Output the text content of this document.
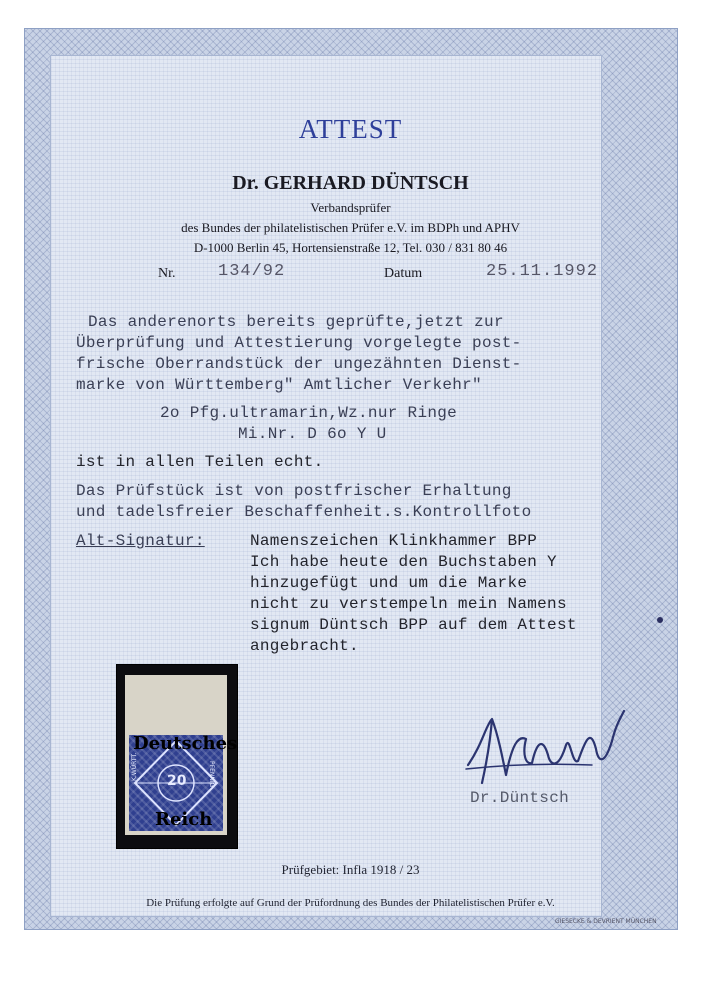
ATTEST
Dr. GERHARD DÜNTSCH
Verbandsprüfer
des Bundes der philatelistischen Prüfer e.V. im BDPh und APHV
D-1000 Berlin 45, Hortensienstraße 12, Tel. 030 / 831 80 46
Nr.	134/92	Datum	25.11.1992
Das anderenorts bereits geprüfte,jetzt zur
Überprüfung und Attestierung vorgelegte post-
frische Oberrandstück der ungezähnten Dienst-
marke von Württemberg" Amtlicher Verkehr"
2o Pfg.ultramarin,Wz.nur Ringe
Mi.Nr. D 6o Y U
ist in allen Teilen echt.
Das Prüfstück ist von postfrischer Erhaltung
und tadelsfreier Beschaffenheit.s.Kontrollfoto
Alt-Signatur:	Namenszeichen Klinkhammer BPP
Ich habe heute den Buchstaben Y
hinzugefügt und um die Marke
nicht zu verstempeln mein Namens
signum Düntsch BPP auf dem Attest
angebracht.
20
K.WÜRTT.	PFENNIG
Deutsches
Reich
Dr.Düntsch
Prüfgebiet: Infla 1918 / 23
Die Prüfung erfolgte auf Grund der Prüfordnung des Bundes der Philatelistischen Prüfer e.V.
GIESECKE & DEVRIENT MÜNCHEN
